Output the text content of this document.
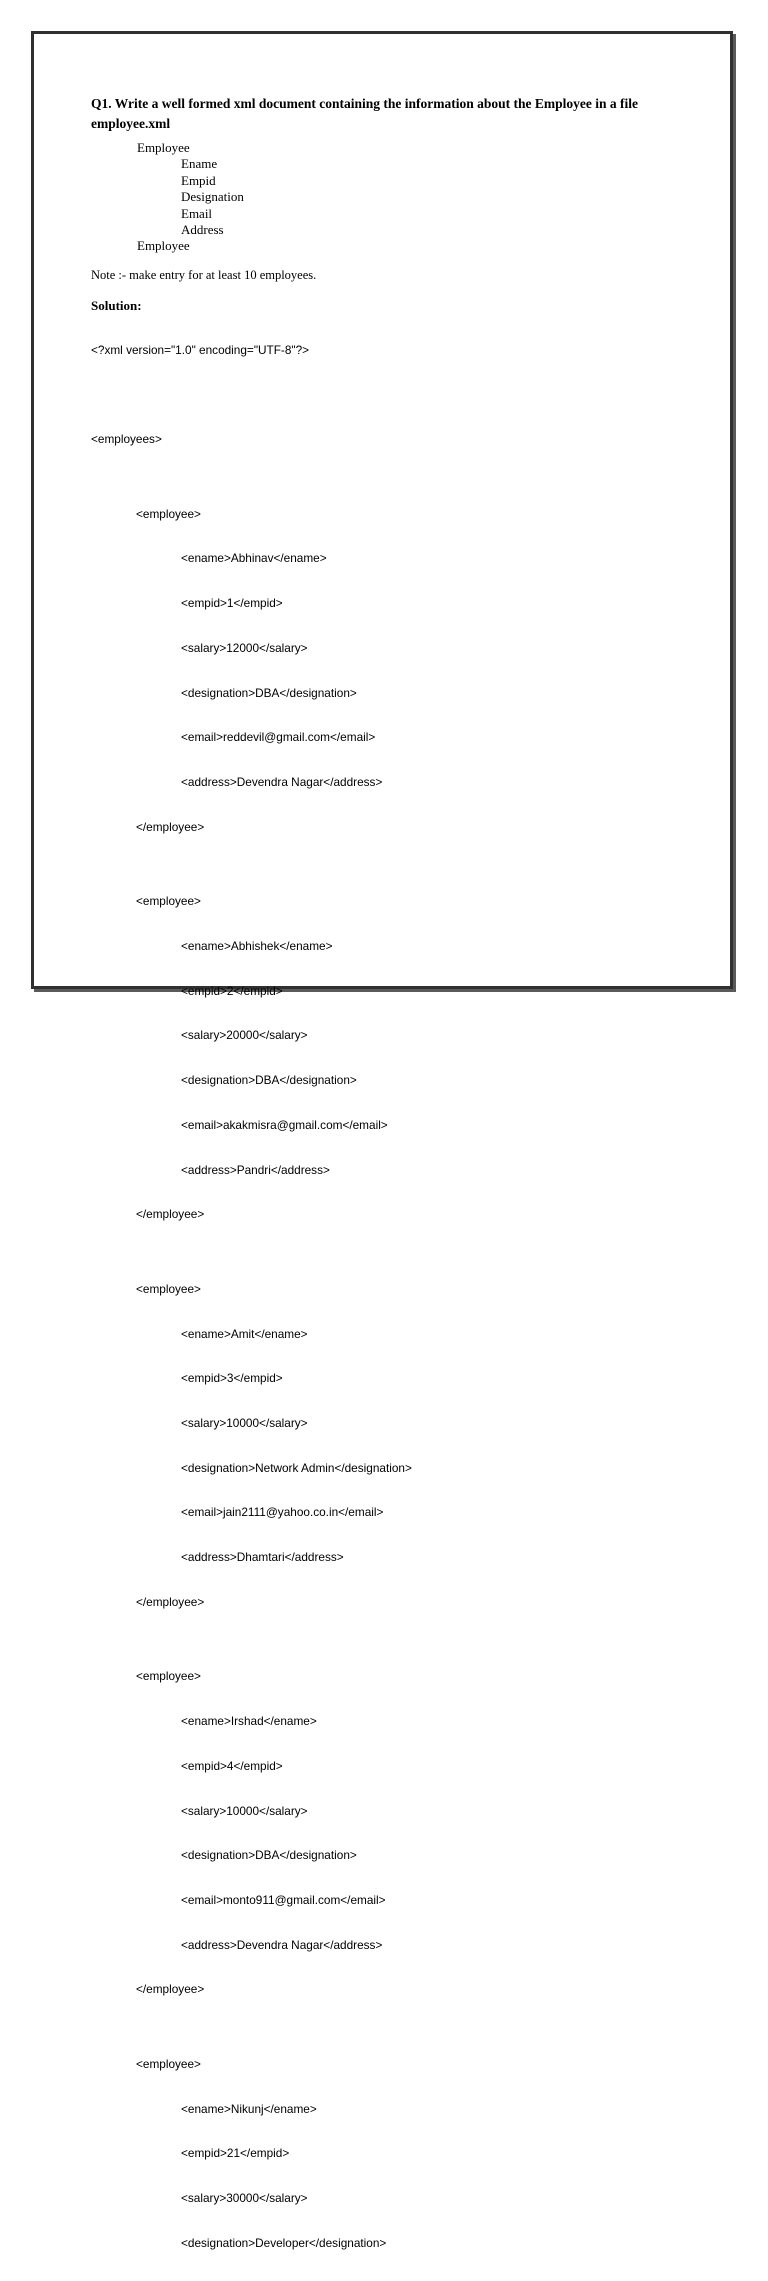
Q1. Write a well formed xml document containing the information about the Employee in a file employee.xml

Employee
Ename
Empid
Designation
Email
Address
Employee
Note :- make entry for at least 10 employees.
Solution:

<?xml version="1.0" encoding="UTF-8"?>

<employees>

<employee>

<ename>Abhinav</ename>

<empid>1</empid>

<salary>12000</salary>

<designation>DBA</designation>

<email>reddevil@gmail.com</email>

<address>Devendra Nagar</address>

</employee>

<employee>

<ename>Abhishek</ename>

<empid>2</empid>

<salary>20000</salary>

<designation>DBA</designation>

<email>akakmisra@gmail.com</email>

<address>Pandri</address>

</employee>

<employee>

<ename>Amit</ename>

<empid>3</empid>

<salary>10000</salary>

<designation>Network Admin</designation>

<email>jain2111@yahoo.co.in</email>

<address>Dhamtari</address>

</employee>

<employee>

<ename>Irshad</ename>

<empid>4</empid>

<salary>10000</salary>

<designation>DBA</designation>

<email>monto911@gmail.com</email>

<address>Devendra Nagar</address>

</employee>

<employee>

<ename>Nikunj</ename>

<empid>21</empid>

<salary>30000</salary>

<designation>Developer</designation>
